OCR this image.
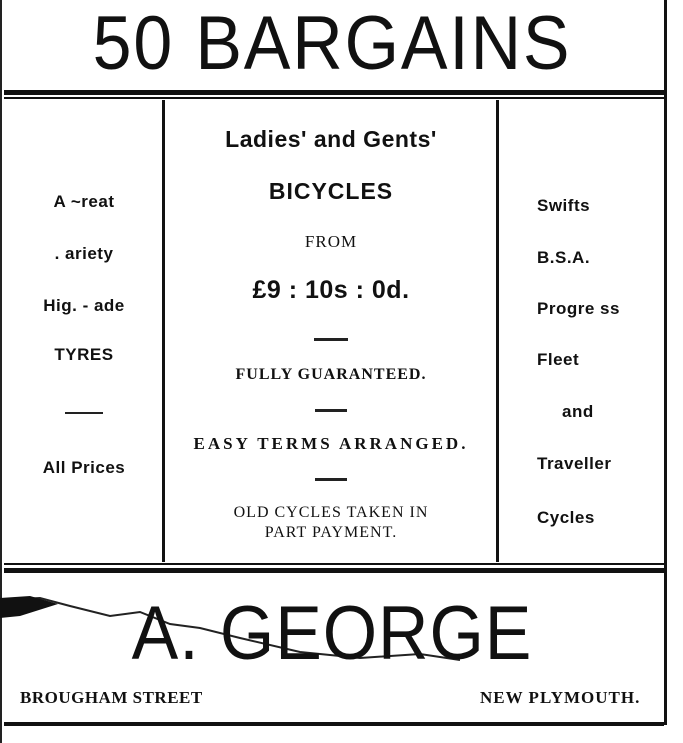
50 BARGAINS
A ~reat
. ariety
Hig. - ade
TYRES
All Prices
Ladies' and Gents'
BICYCLES
FROM
£9 : 10s : 0d.
FULLY GUARANTEED.
EASY TERMS ARRANGED.
OLD CYCLES TAKEN IN
PART PAYMENT.
Swifts
B.S.A.
Progre ss
Fleet
and
Traveller
Cycles
A. GEORGE
BROUGHAM STREET	NEW PLYMOUTH.
